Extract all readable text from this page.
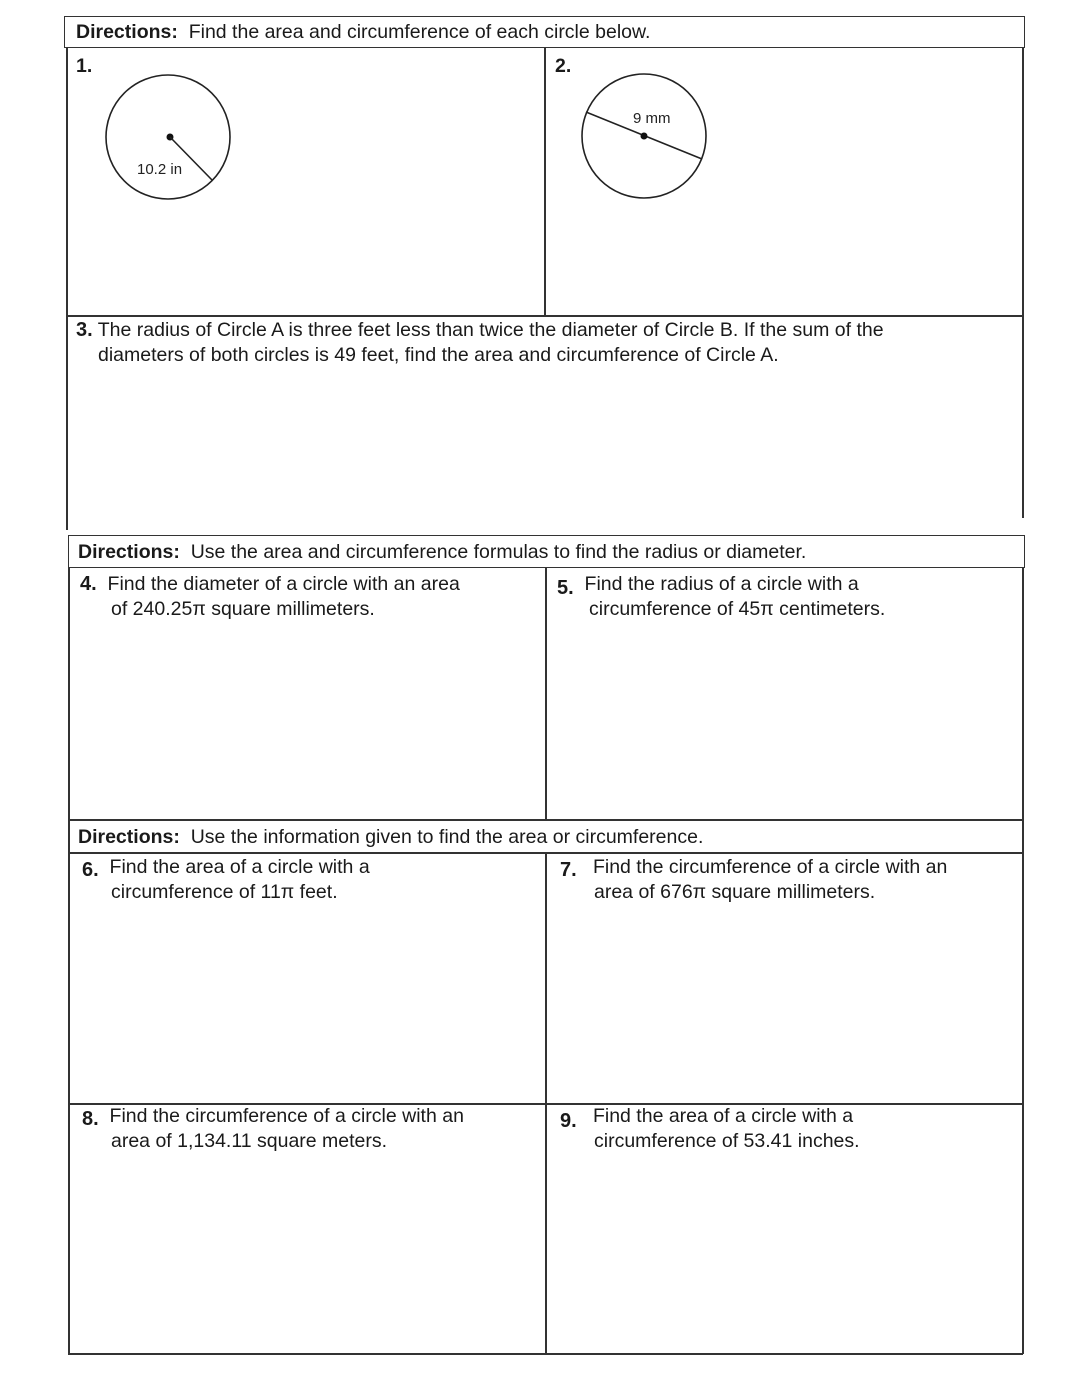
Directions: Find the area and circumference of each circle below.
1.
10.2 in
2.
9 mm
3. The radius of Circle A is three feet less than twice the diameter of Circle B. If the sum of the
diameters of both circles is 49 feet, find the area and circumference of Circle A.
Directions: Use the area and circumference formulas to find the radius or diameter.
4. Find the diameter of a circle with an area
of 240.25π square millimeters.
5. Find the radius of a circle with a
circumference of 45π centimeters.
Directions: Use the information given to find the area or circumference.
6. Find the area of a circle with a
circumference of 11π feet.
7. Find the circumference of a circle with an
area of 676π square millimeters.
8. Find the circumference of a circle with an
area of 1,134.11 square meters.
9. Find the area of a circle with a
circumference of 53.41 inches.
